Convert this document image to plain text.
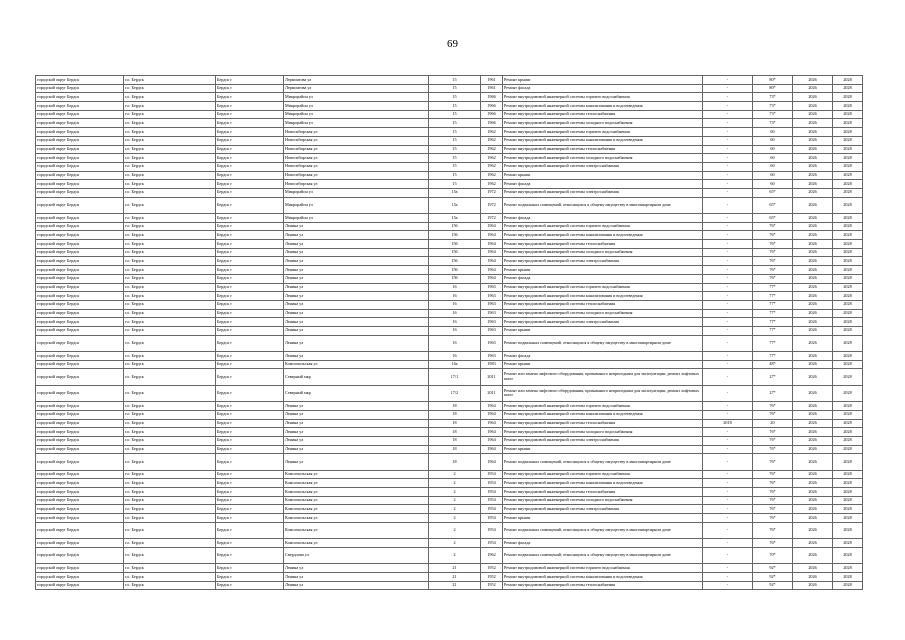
69
городской округ Бердск	г.о. Бердск	Бердск г	Лермонтова ул	15	1961	Ремонт крыши	-	80*	2026	2028
городской округ Бердск	г.о. Бердск	Бердск г	Лермонтова ул	15	1961	Ремонт фасада	-	80*	2026	2028
городской округ Бердск	г.о. Бердск	Бердск г	Микрорайон ул	15	1966	Ремонт внутридомовой инженерной системы горячего водоснабжения	-	73*	2026	2028
городской округ Бердск	г.о. Бердск	Бердск г	Микрорайон ул	15	1966	Ремонт внутридомовой инженерной системы канализования и водоотведения	-	73*	2026	2028
городской округ Бердск	г.о. Бердск	Бердск г	Микрорайон ул	15	1966	Ремонт внутридомовой инженерной системы теплоснабжения	-	73*	2026	2028
городской округ Бердск	г.о. Бердск	Бердск г	Микрорайон ул	15	1966	Ремонт внутридомовой инженерной системы холодного водоснабжения	-	73*	2026	2028
городской округ Бердск	г.о. Бердск	Бердск г	Новосибирская ул	15	1962	Ремонт внутридомовой инженерной системы горячего водоснабжения	-	60	2026	2028
городской округ Бердск	г.о. Бердск	Бердск г	Новосибирская ул	15	1962	Ремонт внутридомовой инженерной системы канализования и водоотведения	-	60	2026	2028
городской округ Бердск	г.о. Бердск	Бердск г	Новосибирская ул	15	1962	Ремонт внутридомовой инженерной системы теплоснабжения	-	60	2026	2028
городской округ Бердск	г.о. Бердск	Бердск г	Новосибирская ул	15	1962	Ремонт внутридомовой инженерной системы холодного водоснабжения	-	60	2026	2028
городской округ Бердск	г.о. Бердск	Бердск г	Новосибирская ул	15	1962	Ремонт внутридомовой инженерной системы электроснабжения	-	60	2026	2028
городской округ Бердск	г.о. Бердск	Бердск г	Новосибирская ул	15	1962	Ремонт крыши	-	60	2026	2028
городской округ Бердск	г.о. Бердск	Бердск г	Новосибирская ул	15	1962	Ремонт фасада	-	60	2026	2028
городской округ Бердск	г.о. Бердск	Бердск г	Микрорайон ул	15а	1972	Ремонт внутридомовой инженерной системы электроснабжения	-	65*	2026	2028
городской округ Бердск	г.о. Бердск	Бердск г	Микрорайон ул	15а	1972	Ремонт подвальных помещений, относящихся к общему имуществу в многоквартирном доме	-	65*	2026	2028
городской округ Бердск	г.о. Бердск	Бердск г	Микрорайон ул	15а	1972	Ремонт фасада	-	65*	2026	2028
городской округ Бердск	г.о. Бердск	Бердск г	Ленина ул	156	1964	Ремонт внутридомовой инженерной системы горячего водоснабжения	-	76*	2026	2028
городской округ Бердск	г.о. Бердск	Бердск г	Ленина ул	156	1964	Ремонт внутридомовой инженерной системы канализования и водоотведения	-	76*	2026	2028
городской округ Бердск	г.о. Бердск	Бердск г	Ленина ул	156	1964	Ремонт внутридомовой инженерной системы теплоснабжения	-	76*	2026	2028
городской округ Бердск	г.о. Бердск	Бердск г	Ленина ул	156	1964	Ремонт внутридомовой инженерной системы холодного водоснабжения	-	76*	2026	2028
городской округ Бердск	г.о. Бердск	Бердск г	Ленина ул	156	1964	Ремонт внутридомовой инженерной системы электроснабжения	-	76*	2026	2028
городской округ Бердск	г.о. Бердск	Бердск г	Ленина ул	156	1964	Ремонт крыши	-	76*	2026	2028
городской округ Бердск	г.о. Бердск	Бердск г	Ленина ул	156	1964	Ремонт фасада	-	76*	2026	2028
городской округ Бердск	г.о. Бердск	Бердск г	Ленина ул	16	1963	Ремонт внутридомовой инженерной системы горячего водоснабжения	-	77*	2026	2028
городской округ Бердск	г.о. Бердск	Бердск г	Ленина ул	16	1963	Ремонт внутридомовой инженерной системы канализования и водоотведения	-	77*	2026	2028
городской округ Бердск	г.о. Бердск	Бердск г	Ленина ул	16	1963	Ремонт внутридомовой инженерной системы теплоснабжения	-	77*	2026	2028
городской округ Бердск	г.о. Бердск	Бердск г	Ленина ул	16	1963	Ремонт внутридомовой инженерной системы холодного водоснабжения	-	77*	2026	2028
городской округ Бердск	г.о. Бердск	Бердск г	Ленина ул	16	1963	Ремонт внутридомовой инженерной системы электроснабжения	-	77*	2026	2028
городской округ Бердск	г.о. Бердск	Бердск г	Ленина ул	16	1963	Ремонт крыши	-	77*	2026	2028
городской округ Бердск	г.о. Бердск	Бердск г	Ленина ул	16	1963	Ремонт подвальных помещений, относящихся к общему имуществу в многоквартирном доме	-	77*	2026	2028
городской округ Бердск	г.о. Бердск	Бердск г	Ленина ул	16	1963	Ремонт фасада	-	77*	2026	2028
городской округ Бердск	г.о. Бердск	Бердск г	Комсомольская ул	16а	1983	Ремонт крыши	-	48*	2026	2028
городской округ Бердск	г.о. Бердск	Бердск г	Северный мкр	17/1	2011	Ремонт или замена лифтового оборудования, признанного непригодным для эксплуатации, ремонт лифтовых шахт	-	27*	2026	2028
городской округ Бердск	г.о. Бердск	Бердск г	Северный мкр	17/2	2011	Ремонт или замена лифтового оборудования, признанного непригодным для эксплуатации, ремонт лифтовых шахт	-	27*	2026	2028
городской округ Бердск	г.о. Бердск	Бердск г	Ленина ул	18	1964	Ремонт внутридомовой инженерной системы горячего водоснабжения	-	76*	2026	2028
городской округ Бердск	г.о. Бердск	Бердск г	Ленина ул	18	1964	Ремонт внутридомовой инженерной системы канализования и водоотведения	-	76*	2026	2028
городской округ Бердск	г.о. Бердск	Бердск г	Ленина ул	18	1964	Ремонт внутридомовой инженерной системы теплоснабжения	2018	20	2026	2028
городской округ Бердск	г.о. Бердск	Бердск г	Ленина ул	18	1964	Ремонт внутридомовой инженерной системы холодного водоснабжения	-	76*	2026	2028
городской округ Бердск	г.о. Бердск	Бердск г	Ленина ул	18	1964	Ремонт внутридомовой инженерной системы электроснабжения	-	76*	2026	2028
городской округ Бердск	г.о. Бердск	Бердск г	Ленина ул	18	1964	Ремонт крыши	-	76*	2026	2028
городской округ Бердск	г.о. Бердск	Бердск г	Ленина ул	18	1964	Ремонт подвальных помещений, относящихся к общему имуществу в многоквартирном доме	-	76*	2026	2028
городской округ Бердск	г.о. Бердск	Бердск г	Комсомольская ул	2	1954	Ремонт внутридомовой инженерной системы горячего водоснабжения	-	76*	2026	2028
городской округ Бердск	г.о. Бердск	Бердск г	Комсомольская ул	2	1954	Ремонт внутридомовой инженерной системы канализования и водоотведения	-	76*	2026	2028
городской округ Бердск	г.о. Бердск	Бердск г	Комсомольская ул	2	1954	Ремонт внутридомовой инженерной системы теплоснабжения	-	76*	2026	2028
городской округ Бердск	г.о. Бердск	Бердск г	Комсомольская ул	2	1954	Ремонт внутридомовой инженерной системы холодного водоснабжения	-	76*	2026	2028
городской округ Бердск	г.о. Бердск	Бердск г	Комсомольская ул	2	1954	Ремонт внутридомовой инженерной системы электроснабжения	-	76*	2026	2028
городской округ Бердск	г.о. Бердск	Бердск г	Комсомольская ул	2	1954	Ремонт крыши	-	76*	2026	2028
городской округ Бердск	г.о. Бердск	Бердск г	Комсомольская ул	2	1954	Ремонт подвальных помещений, относящихся к общему имуществу в многоквартирном доме	-	76*	2026	2028
городской округ Бердск	г.о. Бердск	Бердск г	Комсомольская ул	2	1954	Ремонт фасада	-	76*	2026	2028
городской округ Бердск	г.о. Бердск	Бердск г	Свердлова ул	2	1962	Ремонт подвальных помещений, относящихся к общему имуществу в многоквартирном доме	-	70*	2026	2028
городской округ Бердск	г.о. Бердск	Бердск г	Ленина ул	21	1952	Ремонт внутридомовой инженерной системы горячего водоснабжения	-	92*	2026	2028
городской округ Бердск	г.о. Бердск	Бердск г	Ленина ул	21	1952	Ремонт внутридомовой инженерной системы канализования и водоотведения	-	92*	2026	2028
городской округ Бердск	г.о. Бердск	Бердск г	Ленина ул	21	1952	Ремонт внутридомовой инженерной системы теплоснабжения	-	92*	2026	2028
